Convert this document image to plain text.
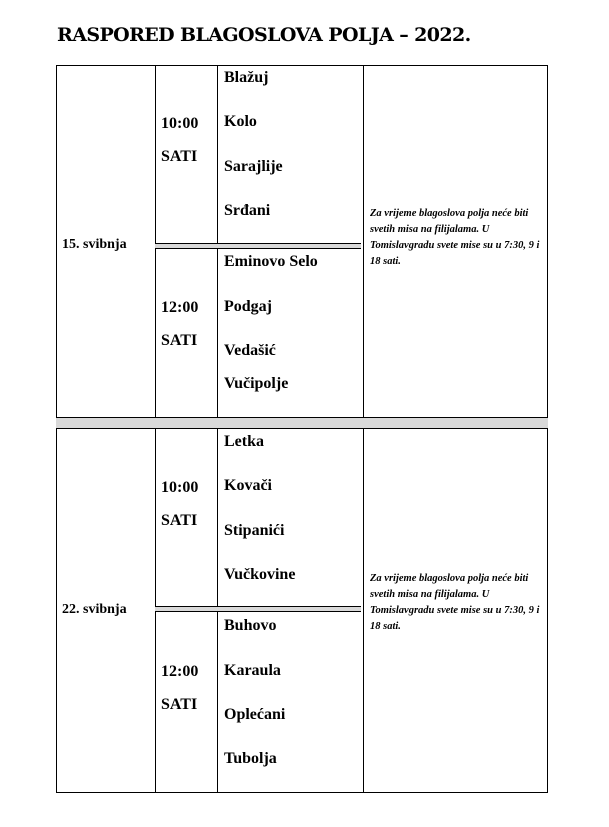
RASPORED BLAGOSLOVA POLJA – 2022.
15. svibnja
10:00
SATI
Blažuj
Kolo
Sarajlije
Srđani
12:00
SATI
Eminovo Selo
Podgaj
Vedašić
Vučipolje
Za vrijeme blagoslova polja neće biti svetih misa na filijalama. U Tomislavgradu svete mise su u 7:30, 9 i 18 sati.
22. svibnja
10:00
SATI
Letka
Kovači
Stipanići
Vučkovine
12:00
SATI
Buhovo
Karaula
Oplećani
Tubolja
Za vrijeme blagoslova polja neće biti svetih misa na filijalama. U Tomislavgradu svete mise su u 7:30, 9 i 18 sati.
